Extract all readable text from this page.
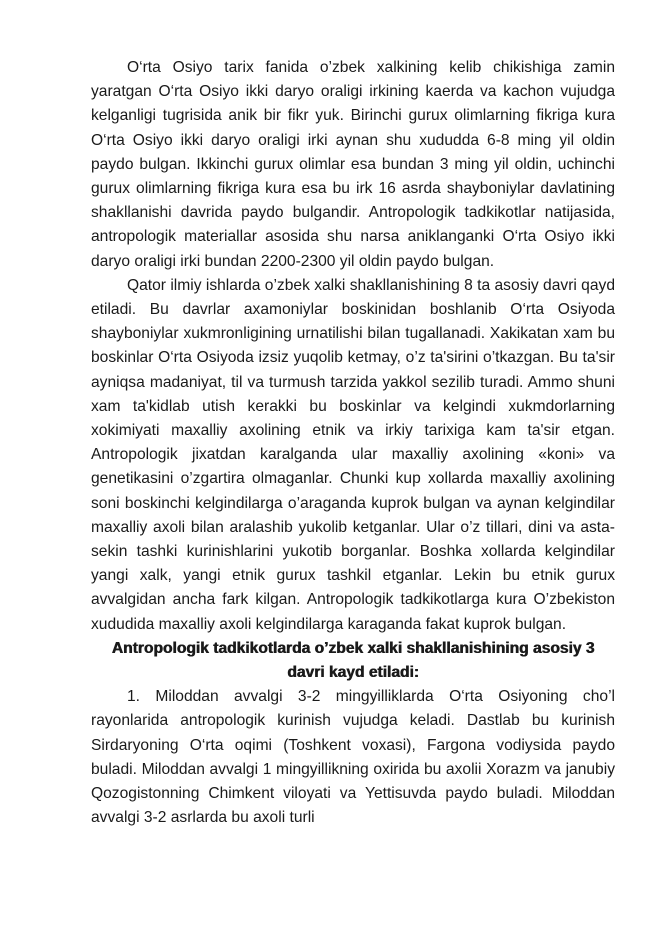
O‘rta Osiyo tarix fanida o’zbek xalkining kelib chikishiga zamin yaratgan O‘rta Osiyo ikki daryo oraligi irkining kaerda va kachon vujudga kelganligi tugrisida anik bir fikr yuk. Birinchi gurux olimlarning fikriga kura O‘rta Osiyo ikki daryo oraligi irki aynan shu xududda 6-8 ming yil oldin paydo bulgan. Ikkinchi gurux olimlar esa bundan 3 ming yil oldin, uchinchi gurux olimlarning fikriga kura esa bu irk 16 asrda shayboniylar davlatining shakllanishi davrida paydo bulgandir. Antropologik tadkikotlar natijasida, antropologik materiallar asosida shu narsa aniklanganki O‘rta Osiyo ikki daryo oraligi irki bundan 2200-2300 yil oldin paydo bulgan.

Qator ilmiy ishlarda o’zbek xalki shakllanishining 8 ta asosiy davri qayd etiladi. Bu davrlar axamoniylar boskinidan boshlanib O‘rta Osiyoda shayboniylar xukmronligining urnatilishi bilan tugallanadi. Xakikatan xam bu boskinlar O‘rta Osiyoda izsiz yuqolib ketmay, o’z ta'sirini o’tkazgan. Bu ta'sir ayniqsa madaniyat, til va turmush tarzida yakkol sezilib turadi. Ammo shuni xam ta'kidlab utish kerakki bu boskinlar va kelgindi xukmdorlarning xokimiyati maxalliy axolining etnik va irkiy tarixiga kam ta'sir etgan. Antropologik jixatdan karalganda ular maxalliy axolining «koni» va genetikasini o’zgartira olmaganlar. Chunki kup xollarda maxalliy axolining soni boskinchi kelgindilarga o’araganda kuprok bulgan va aynan kelgindilar maxalliy axoli bilan aralashib yukolib ketganlar. Ular o’z tillari, dini va asta-sekin tashki kurinishlarini yukotib borganlar. Boshka xollarda kelgindilar yangi xalk, yangi etnik gurux tashkil etganlar. Lekin bu etnik gurux avvalgidan ancha fark kilgan. Antropologik tadkikotlarga kura O’zbekiston xududida maxalliy axoli kelgindilarga karaganda fakat kuprok bulgan.

Antropologik tadkikotlarda o’zbek xalki shakllanishining asosiy 3 davri kayd etiladi:

1. Miloddan avvalgi 3-2 mingyilliklarda O‘rta Osiyoning cho’l rayonlarida antropologik kurinish vujudga keladi. Dastlab bu kurinish Sirdaryoning O‘rta oqimi (Toshkent voxasi), Fargona vodiysida paydo buladi. Miloddan avvalgi 1 mingyillikning oxirida bu axolii Xorazm va janubiy Qozogistonning Chimkent viloyati va Yettisuvda paydo buladi. Miloddan avvalgi 3-2 asrlarda bu axoli turli
